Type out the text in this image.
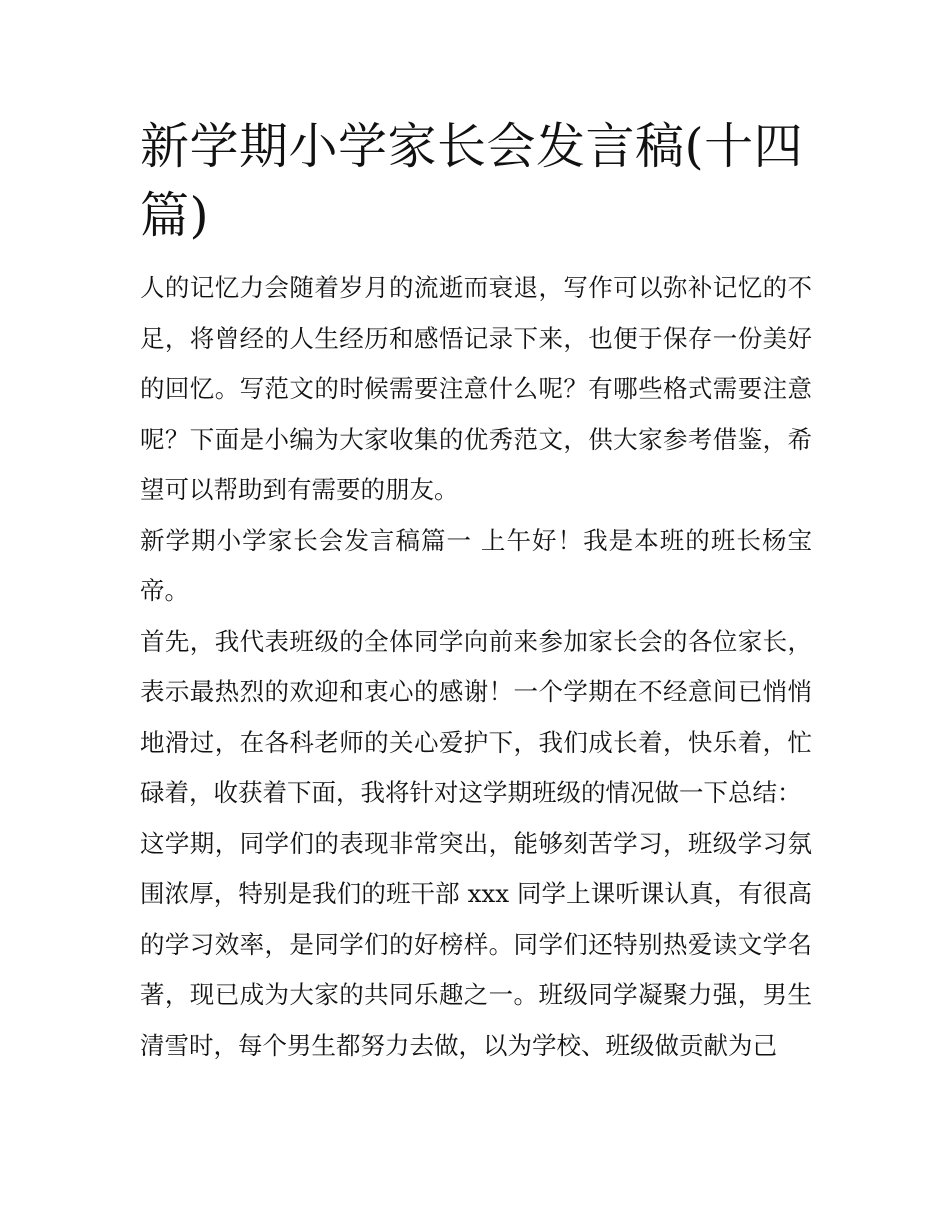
新学期小学家长会发言稿(十四篇)

人的记忆力会随着岁月的流逝而衰退，写作可以弥补记忆的不足，将曾经的人生经历和感悟记录下来，也便于保存一份美好的回忆。写范文的时候需要注意什么呢？有哪些格式需要注意呢？下面是小编为大家收集的优秀范文，供大家参考借鉴，希望可以帮助到有需要的朋友。

新学期小学家长会发言稿篇一 上午好！我是本班的班长杨宝帝。

首先，我代表班级的全体同学向前来参加家长会的各位家长，表示最热烈的欢迎和衷心的感谢！一个学期在不经意间已悄悄地滑过，在各科老师的关心爱护下，我们成长着，快乐着，忙碌着，收获着下面，我将针对这学期班级的情况做一下总结：

这学期，同学们的表现非常突出，能够刻苦学习，班级学习氛围浓厚，特别是我们的班干部 xxx 同学上课听课认真，有很高的学习效率，是同学们的好榜样。同学们还特别热爱读文学名著，现已成为大家的共同乐趣之一。班级同学凝聚力强，男生清雪时，每个男生都努力去做，以为学校、班级做贡献为己
